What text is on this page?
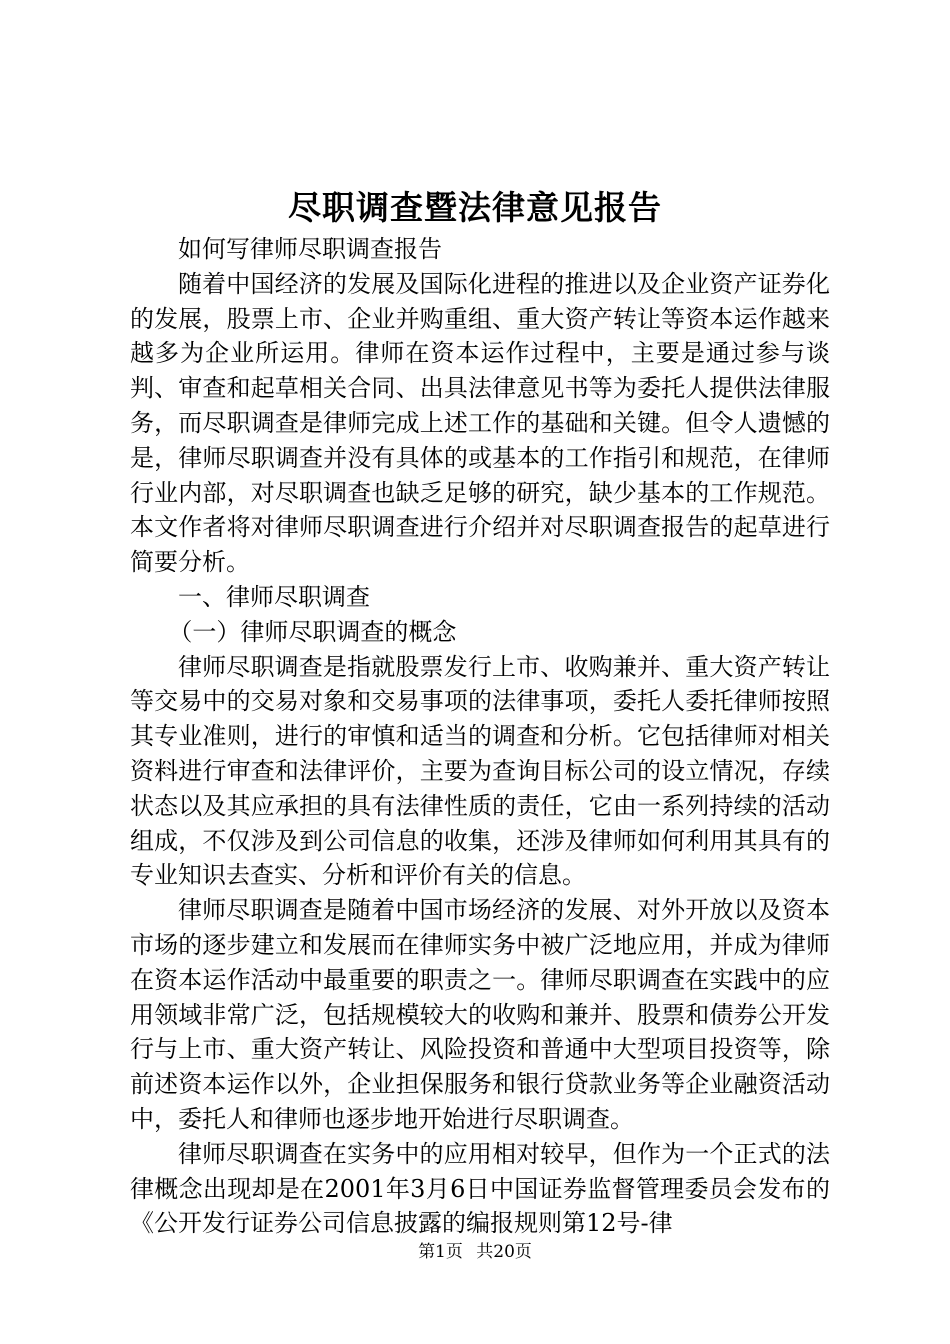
尽职调查暨法律意见报告

如何写律师尽职调查报告

随着中国经济的发展及国际化进程的推进以及企业资产证券化的发展，股票上市、企业并购重组、重大资产转让等资本运作越来越多为企业所运用。律师在资本运作过程中，主要是通过参与谈判、审查和起草相关合同、出具法律意见书等为委托人提供法律服务，而尽职调查是律师完成上述工作的基础和关键。但令人遗憾的是，律师尽职调查并没有具体的或基本的工作指引和规范，在律师行业内部，对尽职调查也缺乏足够的研究，缺少基本的工作规范。本文作者将对律师尽职调查进行介绍并对尽职调查报告的起草进行简要分析。

一、律师尽职调查

（一）律师尽职调查的概念

律师尽职调查是指就股票发行上市、收购兼并、重大资产转让等交易中的交易对象和交易事项的法律事项，委托人委托律师按照其专业准则，进行的审慎和适当的调查和分析。它包括律师对相关资料进行审查和法律评价，主要为查询目标公司的设立情况，存续状态以及其应承担的具有法律性质的责任，它由一系列持续的活动组成，不仅涉及到公司信息的收集，还涉及律师如何利用其具有的专业知识去查实、分析和评价有关的信息。

律师尽职调查是随着中国市场经济的发展、对外开放以及资本市场的逐步建立和发展而在律师实务中被广泛地应用，并成为律师在资本运作活动中最重要的职责之一。律师尽职调查在实践中的应用领域非常广泛，包括规模较大的收购和兼并、股票和债券公开发行与上市、重大资产转让、风险投资和普通中大型项目投资等，除前述资本运作以外，企业担保服务和银行贷款业务等企业融资活动中，委托人和律师也逐步地开始进行尽职调查。

律师尽职调查在实务中的应用相对较早，但作为一个正式的法律概念出现却是在2001年3月6日中国证券监督管理委员会发布的《公开发行证券公司信息披露的编报规则第12号-律

第1页 共20页
